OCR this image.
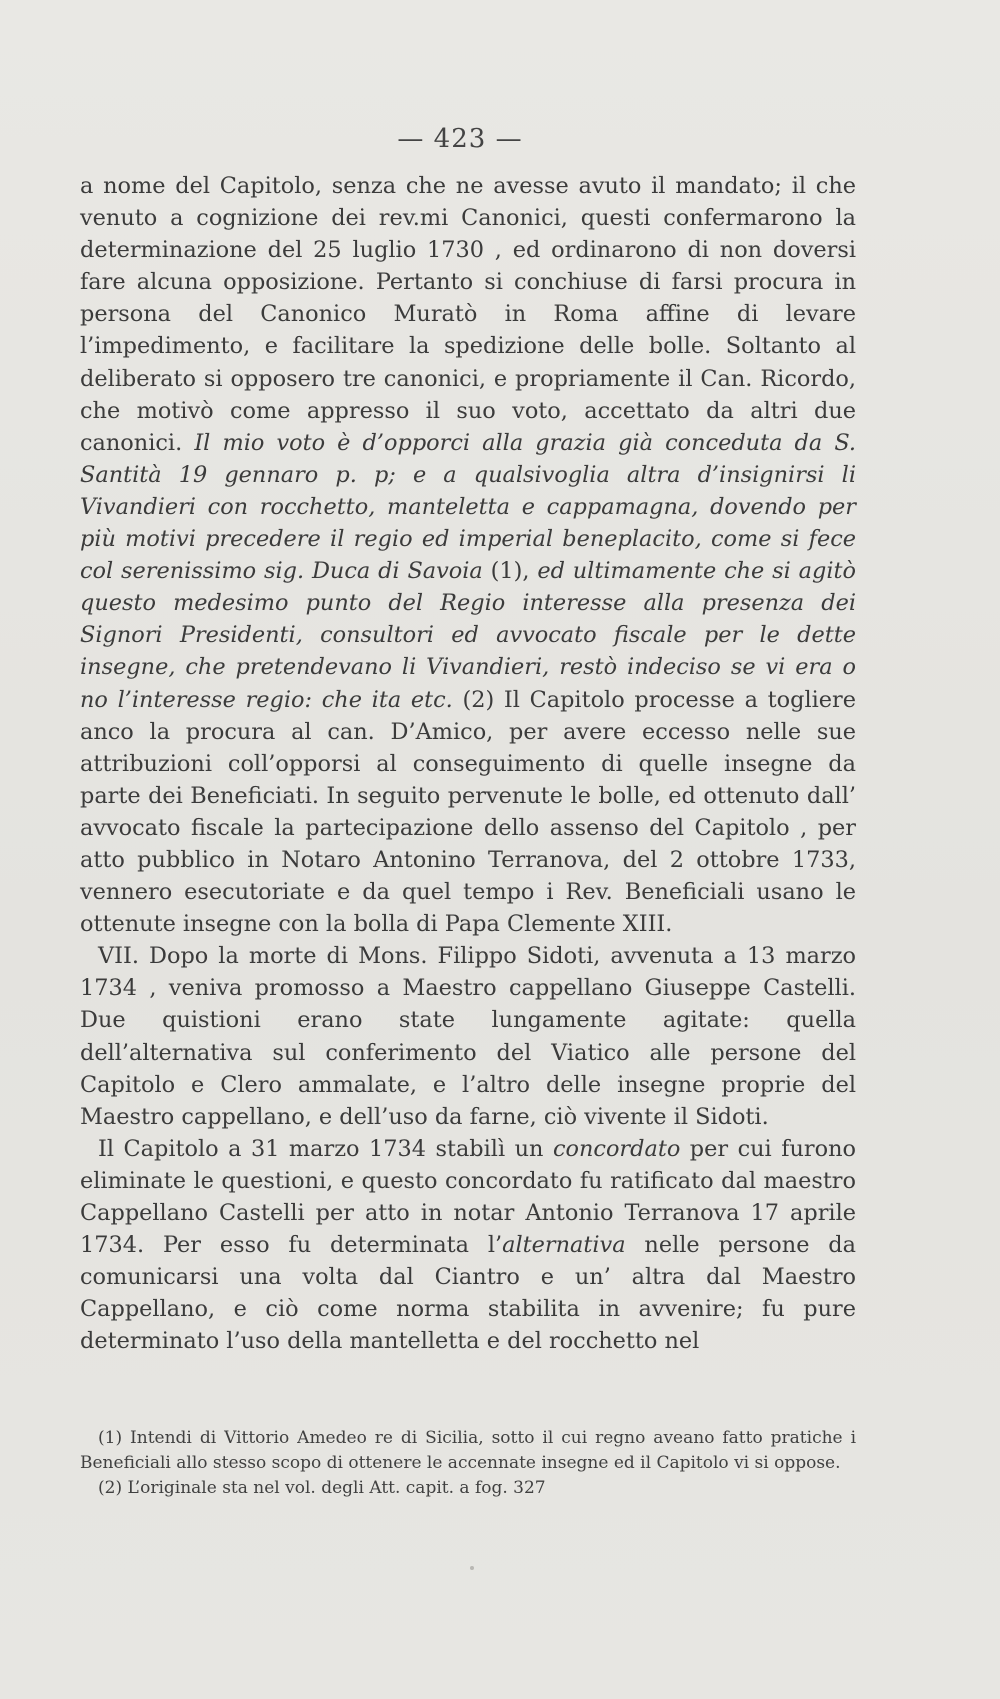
— 423 —

a nome del Capitolo, senza che ne avesse avuto il mandato; il che venuto a cognizione dei rev.mi Canonici, questi confermarono la determinazione del 25 luglio 1730 , ed ordinarono di non doversi fare alcuna opposizione. Pertanto si conchiuse di farsi procura in persona del Canonico Muratò in Roma affine di levare l’impedimento, e facilitare la spedizione delle bolle. Soltanto al deliberato si opposero tre canonici, e propriamente il Can. Ricordo, che motivò come appresso il suo voto, accettato da altri due canonici. Il mio voto è d’opporci alla grazia già conceduta da S. Santità 19 gennaro p. p; e a qualsivoglia altra d’insignirsi li Vivandieri con rocchetto, manteletta e cappamagna, dovendo per più motivi precedere il regio ed imperial beneplacito, come si fece col serenissimo sig. Duca di Savoia (1), ed ultimamente che si agitò questo medesimo punto del Regio interesse alla presenza dei Signori Presidenti, consultori ed avvocato fiscale per le dette insegne, che pretendevano li Vivandieri, restò indeciso se vi era o no l’interesse regio: che ita etc. (2) Il Capitolo processe a togliere anco la procura al can. D’Amico, per avere eccesso nelle sue attribuzioni coll’opporsi al conseguimento di quelle insegne da parte dei Beneficiati. In seguito pervenute le bolle, ed ottenuto dall’ avvocato fiscale la partecipazione dello assenso del Capitolo , per atto pubblico in Notaro Antonino Terranova, del 2 ottobre 1733, vennero esecutoriate e da quel tempo i Rev. Beneficiali usano le ottenute insegne con la bolla di Papa Clemente XIII.

VII. Dopo la morte di Mons. Filippo Sidoti, avvenuta a 13 marzo 1734 , veniva promosso a Maestro cappellano Giuseppe Castelli. Due quistioni erano state lungamente agitate: quella dell’alternativa sul conferimento del Viatico alle persone del Capitolo e Clero ammalate, e l’altro delle insegne proprie del Maestro cappellano, e dell’uso da farne, ciò vivente il Sidoti.

Il Capitolo a 31 marzo 1734 stabilì un concordato per cui furono eliminate le questioni, e questo concordato fu ratificato dal maestro Cappellano Castelli per atto in notar Antonio Terranova 17 aprile 1734. Per esso fu determinata l’alternativa nelle persone da comunicarsi una volta dal Ciantro e un’ altra dal Maestro Cappellano, e ciò come norma stabilita in avvenire; fu pure determinato l’uso della mantelletta e del rocchetto nel

(1) Intendi di Vittorio Amedeo re di Sicilia, sotto il cui regno aveano fatto pratiche i Beneficiali allo stesso scopo di ottenere le accennate insegne ed il Capitolo vi si oppose.

(2) L’originale sta nel vol. degli Att. capit. a fog. 327
